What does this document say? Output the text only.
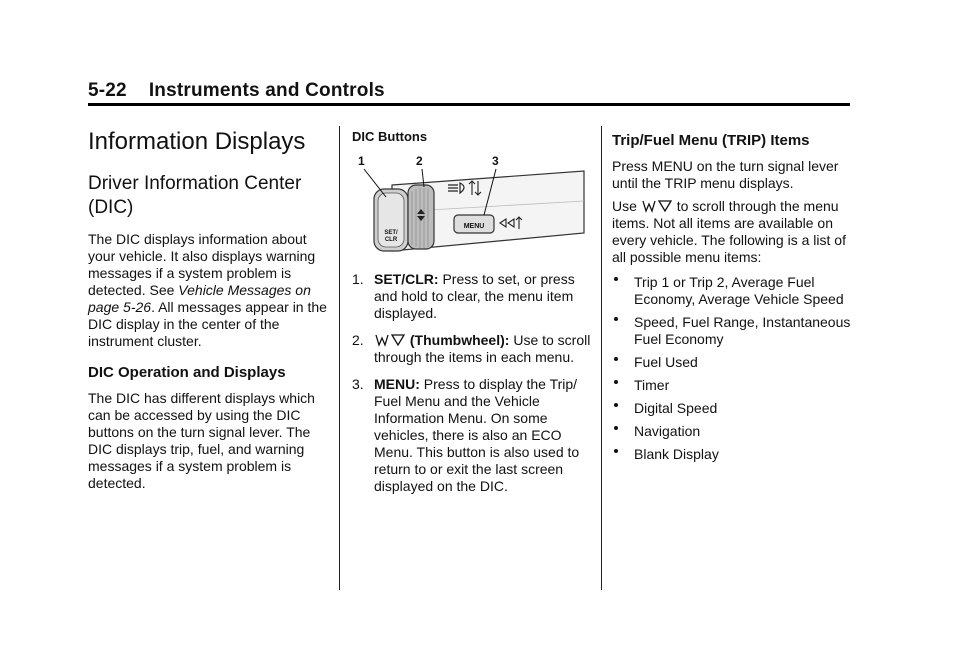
5-22 Instruments and Controls
Information Displays
Driver Information Center (DIC)

The DIC displays information about your vehicle. It also displays warning messages if a system problem is detected. See Vehicle Messages on page 5-26. All messages appear in the DIC display in the center of the instrument cluster.

DIC Operation and Displays

The DIC has different displays which can be accessed by using the DIC buttons on the turn signal lever. The DIC displays trip, fuel, and warning messages if a system problem is detected.

DIC Buttons
SET/
CLR
MENU
1	2	3
1. SET/CLR: Press to set, or press and hold to clear, the menu item displayed.
2.	(Thumbwheel): Use to scroll through the items in each menu.
3. MENU: Press to display the Trip/ Fuel Menu and the Vehicle Information Menu. On some vehicles, there is also an ECO Menu. This button is also used to return to or exit the last screen displayed on the DIC.
Trip/Fuel Menu (TRIP) Items

Press MENU on the turn signal lever until the TRIP menu displays.

Use	to scroll through the menu items. Not all items are available on every vehicle. The following is a list of all possible menu items:

Trip 1 or Trip 2, Average Fuel Economy, Average Vehicle Speed
Speed, Fuel Range, Instantaneous Fuel Economy
Fuel Used
Timer
Digital Speed
Navigation
Blank Display
